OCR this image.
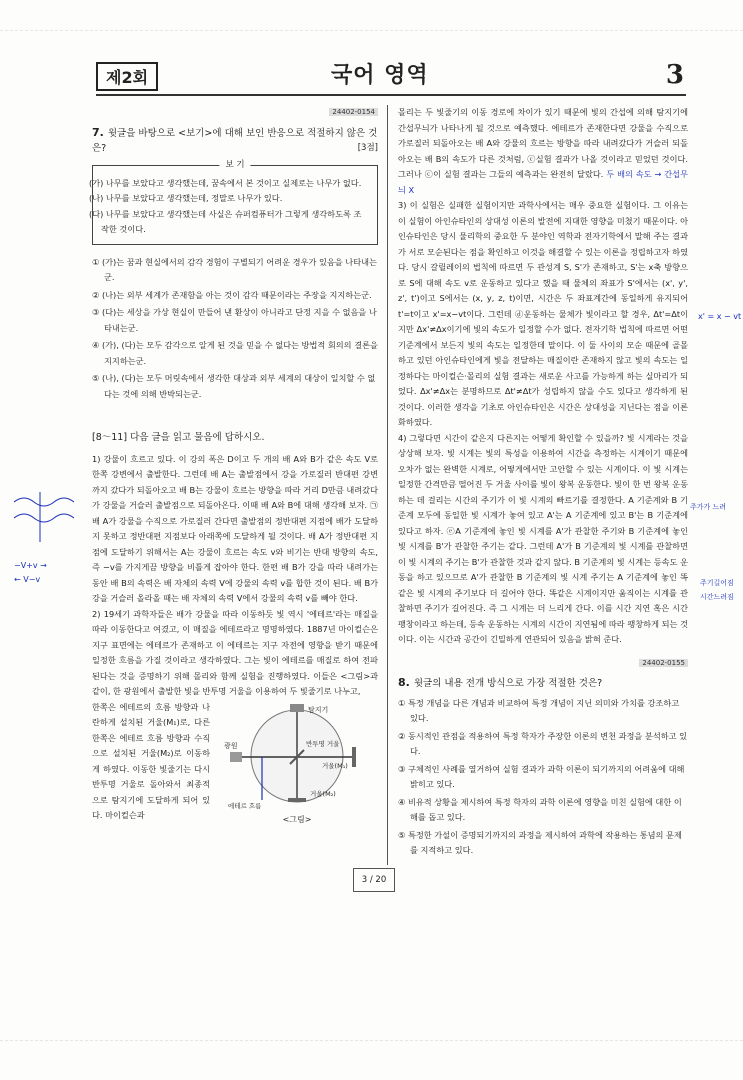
제2회	국어 영역	3
24402-0154
7. 윗글을 바탕으로 <보기>에 대해 보인 반응으로 적절하지 않은 것은?	[3점]
보 기

(가) 나무를 보았다고 생각했는데, 꿈속에서 본 것이고 실제로는 나무가 없다.

(나) 나무를 보았다고 생각했는데, 정말로 나무가 있다.

(다) 나무를 보았다고 생각했는데 사실은 슈퍼컴퓨터가 그렇게 생각하도록 조작한 것이다.

① (가)는 꿈과 현실에서의 감각 경험이 구별되기 어려운 경우가 있음을 나타내는군.

② (나)는 외부 세계가 존재함을 아는 것이 감각 때문이라는 주장을 지지하는군.

③ (다)는 세상을 가상 현실이 만들어 낸 환상이 아니라고 단정 지을 수 없음을 나타내는군.

④ (가), (다)는 모두 감각으로 알게 된 것을 믿을 수 없다는 방법적 회의의 결론을 지지하는군.

⑤ (나), (다)는 모두 머릿속에서 생각한 대상과 외부 세계의 대상이 일치할 수 없다는 것에 의해 반박되는군.

[8～11] 다음 글을 읽고 물음에 답하시오.

1) 강물이 흐르고 있다. 이 강의 폭은 D이고 두 개의 배 A와 B가 같은 속도 V로 한쪽 강변에서 출발한다. 그런데 배 A는 출발점에서 강을 가로질러 반대편 강변까지 갔다가 되돌아오고 배 B는 강물이 흐르는 방향을 따라 거리 D만큼 내려갔다가 강물을 거슬러 출발점으로 되돌아온다. 이때 배 A와 B에 대해 생각해 보자. ㉠배 A가 강물을 수직으로 가로질러 간다면 출발점의 정반대편 지점에 배가 도달하지 못하고 정반대편 지점보다 아래쪽에 도달하게 될 것이다. 배 A가 정반대편 지점에 도달하기 위해서는 A는 강물이 흐르는 속도 v와 비기는 반대 방향의 속도, 즉 −v를 가지게끔 방향을 비틀게 잡아야 한다. 한편 배 B가 강을 따라 내려가는 동안 배 B의 속력은 배 자체의 속력 V에 강물의 속력 v를 합한 것이 된다. 배 B가 강을 거슬러 올라올 때는 배 자체의 속력 V에서 강물의 속력 v를 빼야 한다.

2) 19세기 과학자들은 배가 강물을 따라 이동하듯 빛 역시 '에테르'라는 매질을 따라 이동한다고 여겼고, 이 매질을 에테르라고 명명하였다. 1887년 마이컬슨은 지구 표면에는 에테르가 존재하고 이 에테르는 지구 자전에 영향을 받기 때문에 일정한 흐름을 가질 것이라고 생각하였다. 그는 빛이 에테르를 매질로 하여 전파된다는 것을 증명하기 위해 몰리와 함께 실험을 진행하였다. 이들은 <그림>과 같이, 한 광원에서 출발한 빛을 반투명 거울을 이용하여 두 빛줄기로 나누고,

한쪽은 에테르의 흐름 방향과 나란하게 설치된 거울(M₁)로, 다른 한쪽은 에테르 흐름 방향과 수직으로 설치된 거울(M₂)로 이동하게 하였다. 이동한 빛줄기는 다시 반투명 거울로 돌아와서 최종적으로 탐지기에 도달하게 되어 있다. 마이컬슨과

탐지기
광원	반투명 거울
거울(M₁)
거울(M₂)
에테르 흐름
<그림>

몰리는 두 빛줄기의 이동 경로에 차이가 있기 때문에 빛의 간섭에 의해 탐지기에 간섭무늬가 나타나게 될 것으로 예측했다. 에테르가 존재한다면 강물을 수직으로 가로질러 되돌아오는 배 A와 강물의 흐르는 방향을 따라 내려갔다가 거슬러 되돌아오는 배 B의 속도가 다른 것처럼, ⓒ실험 결과가 나올 것이라고 믿었던 것이다. 그러나 ⓒ이 실험 결과는 그들의 예측과는 완전히 달랐다. 두 배의 속도 → 간섭무늬 X

3) 이 실험은 실패한 실험이지만 과학사에서는 매우 중요한 실험이다. 그 이유는 이 실험이 아인슈타인의 상대성 이론의 발전에 지대한 영향을 미쳤기 때문이다. 아인슈타인은 당시 물리학의 중요한 두 분야인 역학과 전자기학에서 말해 주는 결과가 서로 모순된다는 점을 확인하고 이것을 해결할 수 있는 이론을 정립하고자 하였다. 당시 갈릴레이의 법칙에 따르면 두 관성계 S, S'가 존재하고, S'는 x축 방향으로 S에 대해 속도 v로 운동하고 있다고 했을 때 물체의 좌표가 S'에서는 (x', y', z', t')이고 S에서는 (x, y, z, t)이면, 시간은 두 좌표계간에 동일하게 유지되어 t'=t이고 x'=x−vt이다. 그런데 ⓓ운동하는 물체가 빛이라고 할 경우, Δt'=Δt이지만 Δx'≠Δx이기에 빛의 속도가 일정할 수가 없다. 전자기학 법칙에 따르면 어떤 기준계에서 보든지 빛의 속도는 일정한데 말이다. 이 둘 사이의 모순 때문에 골몰하고 있던 아인슈타인에게 빛을 전달하는 매질이란 존재하지 않고 빛의 속도는 일정하다는 마이컬슨·몰리의 실험 결과는 새로운 사고를 가능하게 하는 실마리가 되었다. Δx'≠Δx는 분명하므로 Δt'≠Δt가 성립하지 않을 수도 있다고 생각하게 된 것이다. 이러한 생각을 기초로 아인슈타인은 시간은 상대성을 지닌다는 점을 이론화하였다.

4) 그렇다면 시간이 같은지 다른지는 어떻게 확인할 수 있을까? 빛 시계라는 것을 상상해 보자. 빛 시계는 빛의 특성을 이용하여 시간을 측정하는 시계이기 때문에 오차가 없는 완벽한 시계로, 어떻게에서만 고안할 수 있는 시계이다. 이 빛 시계는 일정한 간격만큼 떨어진 두 거울 사이를 빛이 왕복 운동한다. 빛이 한 번 왕복 운동하는 데 걸리는 시간의 주기가 이 빛 시계의 빠르기를 결정한다. A 기준계와 B 기준계 모두에 동일한 빛 시계가 놓여 있고 A'는 A 기준계에 있고 B'는 B 기준계에 있다고 하자. ⓔA 기준계에 놓인 빛 시계를 A'가 관찰한 주기와 B 기준계에 놓인 빛 시계를 B'가 관찰한 주기는 같다. 그런데 A'가 B 기준계의 빛 시계를 관찰하면 이 빛 시계의 주기는 B'가 관찰한 것과 같지 않다. B 기준계의 빛 시계는 등속도 운동을 하고 있으므로 A'가 관찰한 B 기준계의 빛 시계 주기는 A 기준계에 놓인 똑같은 빛 시계의 주기보다 더 길어야 한다. 똑같은 시계이지만 움직이는 시계를 관찰하면 주기가 길어진다. 즉 그 시계는 더 느리게 간다. 이를 시간 지연 혹은 시간 팽창이라고 하는데, 등속 운동하는 시계의 시간이 지연됨에 따라 팽창하게 되는 것이다. 이는 시간과 공간이 긴밀하게 연관되어 있음을 밝혀 준다.

24402-0155
8. 윗글의 내용 전개 방식으로 가장 적절한 것은?

① 특정 개념을 다른 개념과 비교하여 특정 개념이 지닌 의미와 가치를 강조하고 있다.

② 동시적인 관점을 적용하여 특정 학자가 주장한 이론의 변천 과정을 분석하고 있다.

③ 구체적인 사례를 열거하여 실험 결과가 과학 이론이 되기까지의 어려움에 대해 밝히고 있다.

④ 비유적 상황을 제시하여 특정 학자의 과학 이론에 영향을 미친 실험에 대한 이해를 돕고 있다.

⑤ 특정한 가설이 증명되기까지의 과정을 제시하여 과학에 작용하는 통념의 문제를 지적하고 있다.

−V+v →
← V−v
x' = x − vt
주가가 느려
주기길어짐
시간느려짐
3 / 20
